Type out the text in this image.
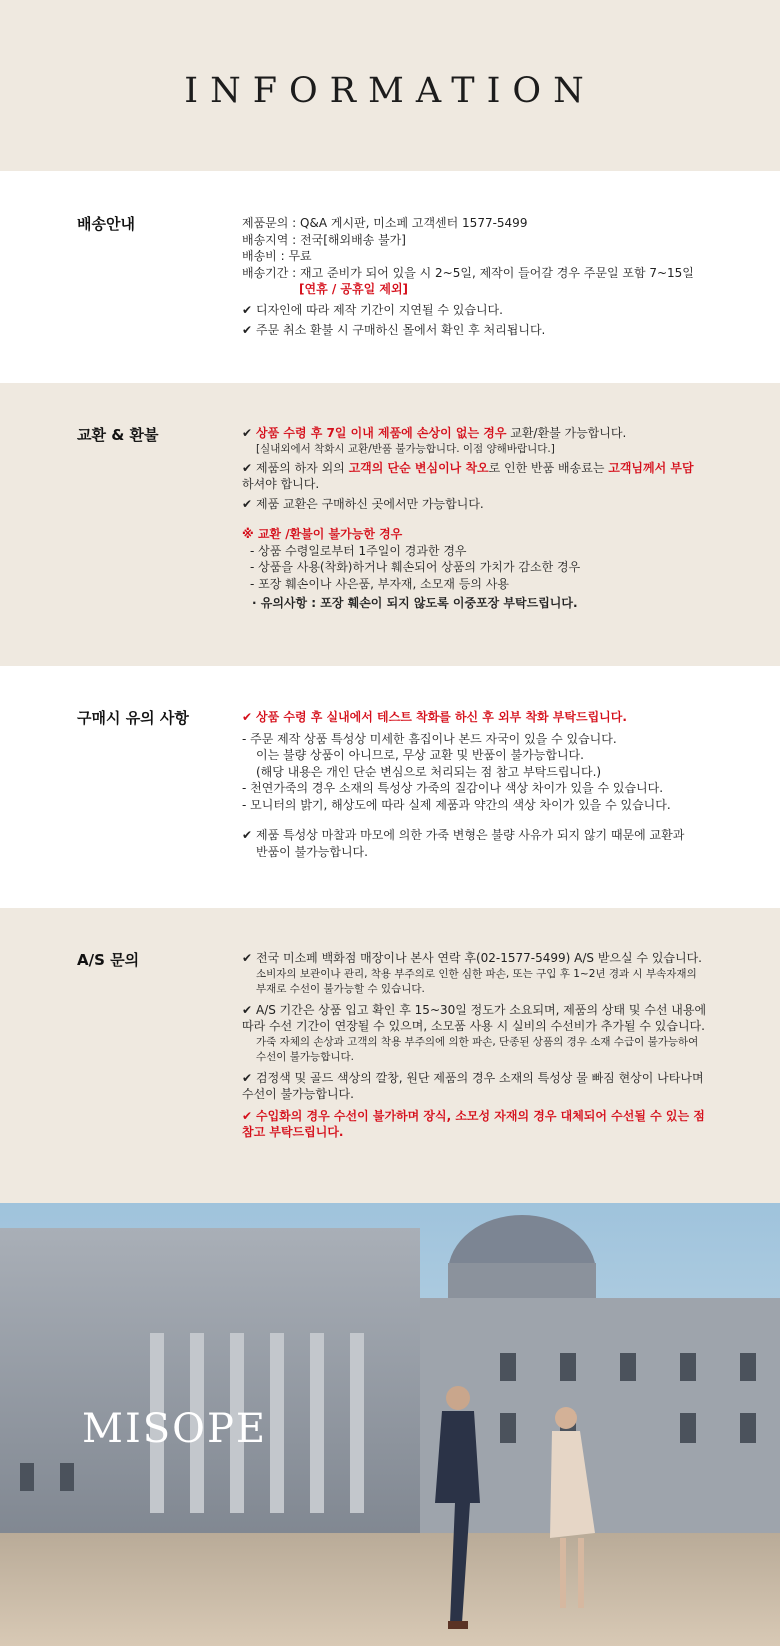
INFORMATION
배송안내	제품문의 : Q&A 게시판, 미소페 고객센터 1577-5499
배송지역 : 전국[해외배송 불가]
배송비 : 무료
배송기간 : 재고 준비가 되어 있을 시 2~5일, 제작이 들어갈 경우 주문일 포함 7~15일
[연휴 / 공휴일 제외]
✔ 디자인에 따라 제작 기간이 지연될 수 있습니다.
✔ 주문 취소 환불 시 구매하신 몰에서 확인 후 처리됩니다.
교환 & 환불	✔ 상품 수령 후 7일 이내 제품에 손상이 없는 경우 교환/환불 가능합니다.
[실내외에서 착화시 교환/반품 불가능합니다. 이점 양해바랍니다.]
✔ 제품의 하자 외의 고객의 단순 변심이나 착오로 인한 반품 배송료는 고객님께서 부담
하셔야 합니다.
✔ 제품 교환은 구매하신 곳에서만 가능합니다.
※ 교환 /환불이 불가능한 경우
- 상품 수령일로부터 1주일이 경과한 경우
- 상품을 사용(착화)하거나 훼손되어 상품의 가치가 감소한 경우
- 포장 훼손이나 사은품, 부자재, 소모재 등의 사용
· 유의사항 : 포장 훼손이 되지 않도록 이중포장 부탁드립니다.
구매시 유의 사항	✔ 상품 수령 후 실내에서 테스트 착화를 하신 후 외부 착화 부탁드립니다.
- 주문 제작 상품 특성상 미세한 흠집이나 본드 자국이 있을 수 있습니다.
이는 불량 상품이 아니므로, 무상 교환 및 반품이 불가능합니다.
(해당 내용은 개인 단순 변심으로 처리되는 점 참고 부탁드립니다.)
- 천연가죽의 경우 소재의 특성상 가죽의 질감이나 색상 차이가 있을 수 있습니다.
- 모니터의 밝기, 해상도에 따라 실제 제품과 약간의 색상 차이가 있을 수 있습니다.
✔ 제품 특성상 마찰과 마모에 의한 가죽 변형은 불량 사유가 되지 않기 때문에 교환과
반품이 불가능합니다.
A/S 문의	✔ 전국 미소페 백화점 매장이나 본사 연락 후(02-1577-5499) A/S 받으실 수 있습니다.
소비자의 보관이나 관리, 착용 부주의로 인한 심한 파손, 또는 구입 후 1~2년 경과 시 부속자재의
부재로 수선이 불가능할 수 있습니다.
✔ A/S 기간은 상품 입고 확인 후 15~30일 정도가 소요되며, 제품의 상태 및 수선 내용에
따라 수선 기간이 연장될 수 있으며, 소모품 사용 시 실비의 수선비가 추가될 수 있습니다.
가죽 자체의 손상과 고객의 착용 부주의에 의한 파손, 단종된 상품의 경우 소재 수급이 불가능하여
수선이 불가능합니다.
✔ 검정색 및 골드 색상의 깔창, 원단 제품의 경우 소재의 특성상 물 빠짐 현상이 나타나며
수선이 불가능합니다.
✔ 수입화의 경우 수선이 불가하며 장식, 소모성 자재의 경우 대체되어 수선될 수 있는 점
참고 부탁드립니다.
MISOPE
